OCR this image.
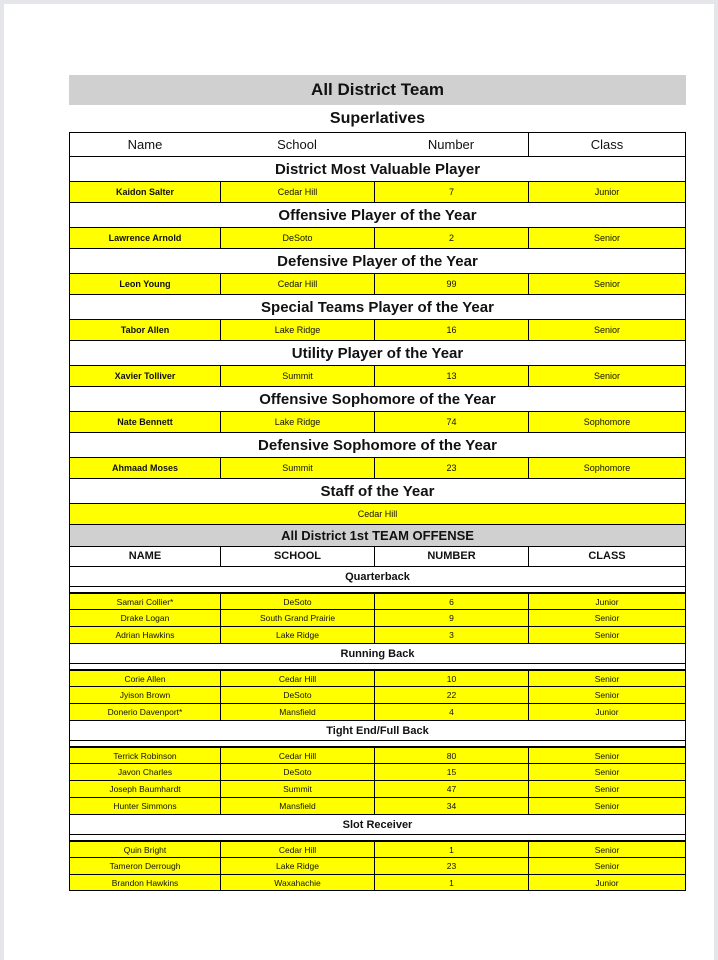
All District Team
Superlatives
Name	School	Number	Class
District Most Valuable Player
Kaidon Salter	Cedar Hill	7	Junior
Offensive Player of the Year
Lawrence Arnold	DeSoto	2	Senior
Defensive Player of the Year
Leon Young	Cedar Hill	99	Senior
Special Teams Player of the Year
Tabor Allen	Lake Ridge	16	Senior
Utility Player of the Year
Xavier Tolliver	Summit	13	Senior
Offensive Sophomore of the Year
Nate Bennett	Lake Ridge	74	Sophomore
Defensive Sophomore of the Year
Ahmaad Moses	Summit	23	Sophomore
Staff of the Year
Cedar Hill
All District 1st TEAM OFFENSE
NAME	SCHOOL	NUMBER	CLASS
Quarterback
Samari Collier*	DeSoto	6	Junior
Drake Logan	South Grand Prairie	9	Senior
Adrian Hawkins	Lake Ridge	3	Senior
Running Back
Corie Allen	Cedar Hill	10	Senior
Jyison Brown	DeSoto	22	Senior
Donerio Davenport*	Mansfield	4	Junior
Tight End/Full Back
Terrick Robinson	Cedar Hill	80	Senior
Javon Charles	DeSoto	15	Senior
Joseph Baumhardt	Summit	47	Senior
Hunter Simmons	Mansfield	34	Senior
Slot Receiver
Quin Bright	Cedar Hill	1	Senior
Tameron Derrough	Lake Ridge	23	Senior
Brandon Hawkins	Waxahachie	1	Junior
